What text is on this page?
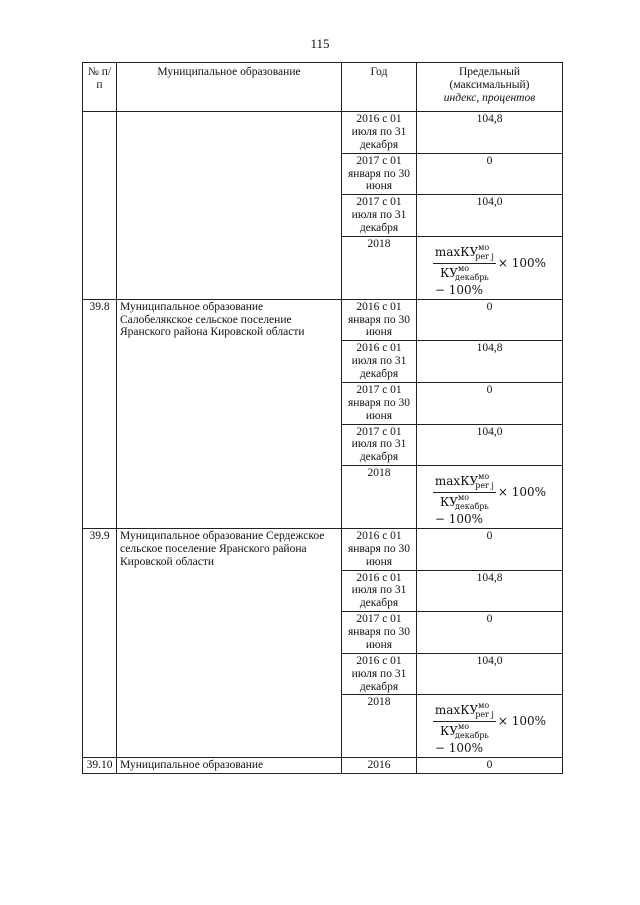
115
№ п/п	Муниципальное образование	Год	Предельный (максимальный)
индекс, процентов
		2016 с 01 июля по 31 декабря	104,8
		2017 с 01 января по 30 июня	0
		2017 с 01 июля по 31 декабря	104,0
		2018	$\frac{\max КУ^{мо}_{per j}}{КУ^{мо}_{декабрь}} \times 100\%$
− 100%

39.8	Муниципальное образование Салобелякское сельское поселение Яранского района Кировской области	2016 с 01 января по 30 июня	0
		2016 с 01 июля по 31 декабря	104,8
		2017 с 01 января по 30 июня	0
		2017 с 01 июля по 31 декабря	104,0
		2018	$\frac{\max КУ^{мо}_{per j}}{КУ^{мо}_{декабрь}} \times 100\%$
− 100%

39.9	Муниципальное образование Сердежское сельское поселение Яранского района Кировской области	2016 с 01 января по 30 июня	0
		2016 с 01 июля по 31 декабря	104,8
		2017 с 01 января по 30 июня	0
		2016 с 01 июля по 31 декабря	104,0
		2018	$\frac{\max КУ^{мо}_{per j}}{КУ^{мо}_{декабрь}} \times 100\%$
− 100%

39.10	Муниципальное образование	2016	0
